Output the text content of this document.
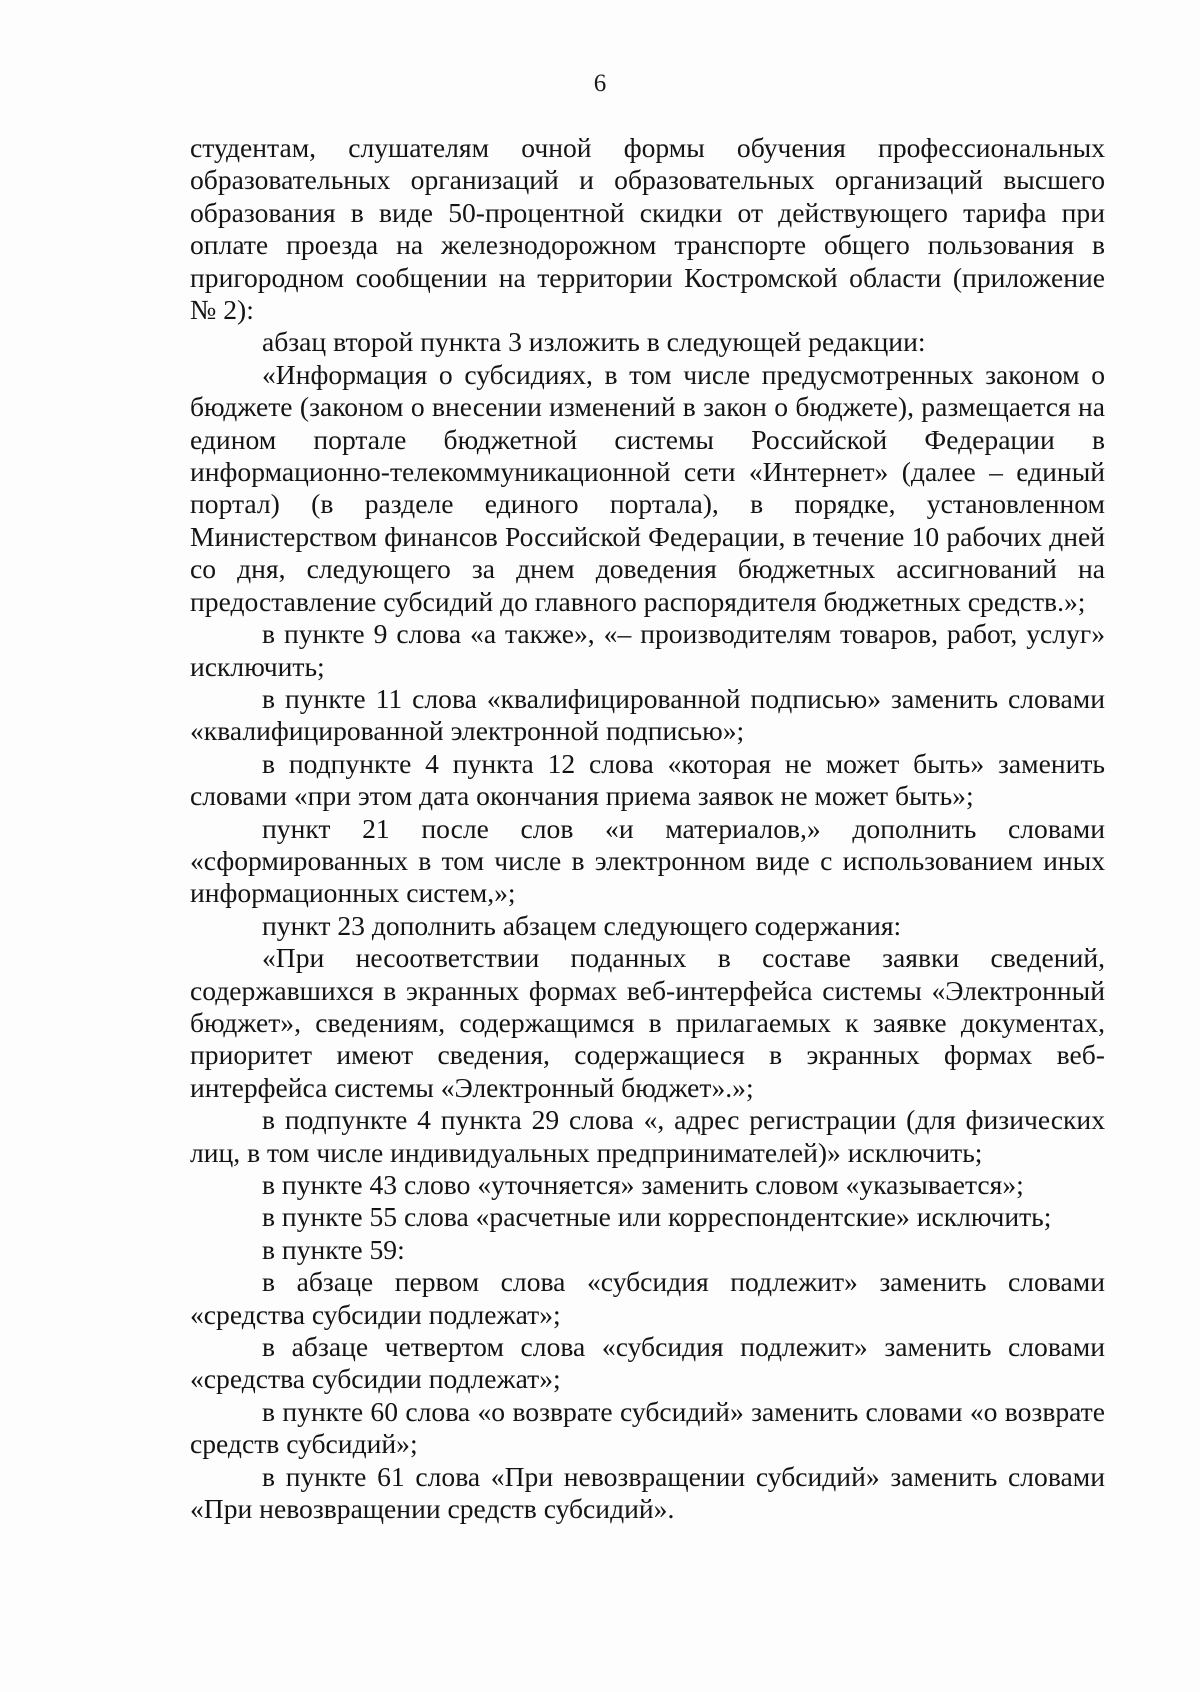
6

студентам, слушателям очной формы обучения профессиональных образовательных организаций и образовательных организаций высшего образования в виде 50-процентной скидки от действующего тарифа при оплате проезда на железнодорожном транспорте общего пользования в пригородном сообщении на территории Костромской области (приложение № 2):

абзац второй пункта 3 изложить в следующей редакции:

«Информация о субсидиях, в том числе предусмотренных законом о бюджете (законом о внесении изменений в закон о бюджете), размещается на едином портале бюджетной системы Российской Федерации в информационно-телекоммуникационной сети «Интернет» (далее – единый портал) (в разделе единого портала), в порядке, установленном Министерством финансов Российской Федерации, в течение 10 рабочих дней со дня, следующего за днем доведения бюджетных ассигнований на предоставление субсидий до главного распорядителя бюджетных средств.»;

в пункте 9 слова «а также», «– производителям товаров, работ, услуг» исключить;

в пункте 11 слова «квалифицированной подписью» заменить словами «квалифицированной электронной подписью»;

в подпункте 4 пункта 12 слова «которая не может быть» заменить словами «при этом дата окончания приема заявок не может быть»;

пункт 21 после слов «и материалов,» дополнить словами «сформированных в том числе в электронном виде с использованием иных информационных систем,»;

пункт 23 дополнить абзацем следующего содержания:

«При несоответствии поданных в составе заявки сведений, содержавшихся в экранных формах веб-интерфейса системы «Электронный бюджет», сведениям, содержащимся в прилагаемых к заявке документах, приоритет имеют сведения, содержащиеся в экранных формах веб-интерфейса системы «Электронный бюджет».»;

в подпункте 4 пункта 29 слова «, адрес регистрации (для физических лиц, в том числе индивидуальных предпринимателей)» исключить;

в пункте 43 слово «уточняется» заменить словом «указывается»;

в пункте 55 слова «расчетные или корреспондентские» исключить;

в пункте 59:

в абзаце первом слова «субсидия подлежит» заменить словами «средства субсидии подлежат»;

в абзаце четвертом слова «субсидия подлежит» заменить словами «средства субсидии подлежат»;

в пункте 60 слова «о возврате субсидий» заменить словами «о возврате средств субсидий»;

в пункте 61 слова «При невозвращении субсидий» заменить словами «При невозвращении средств субсидий».
